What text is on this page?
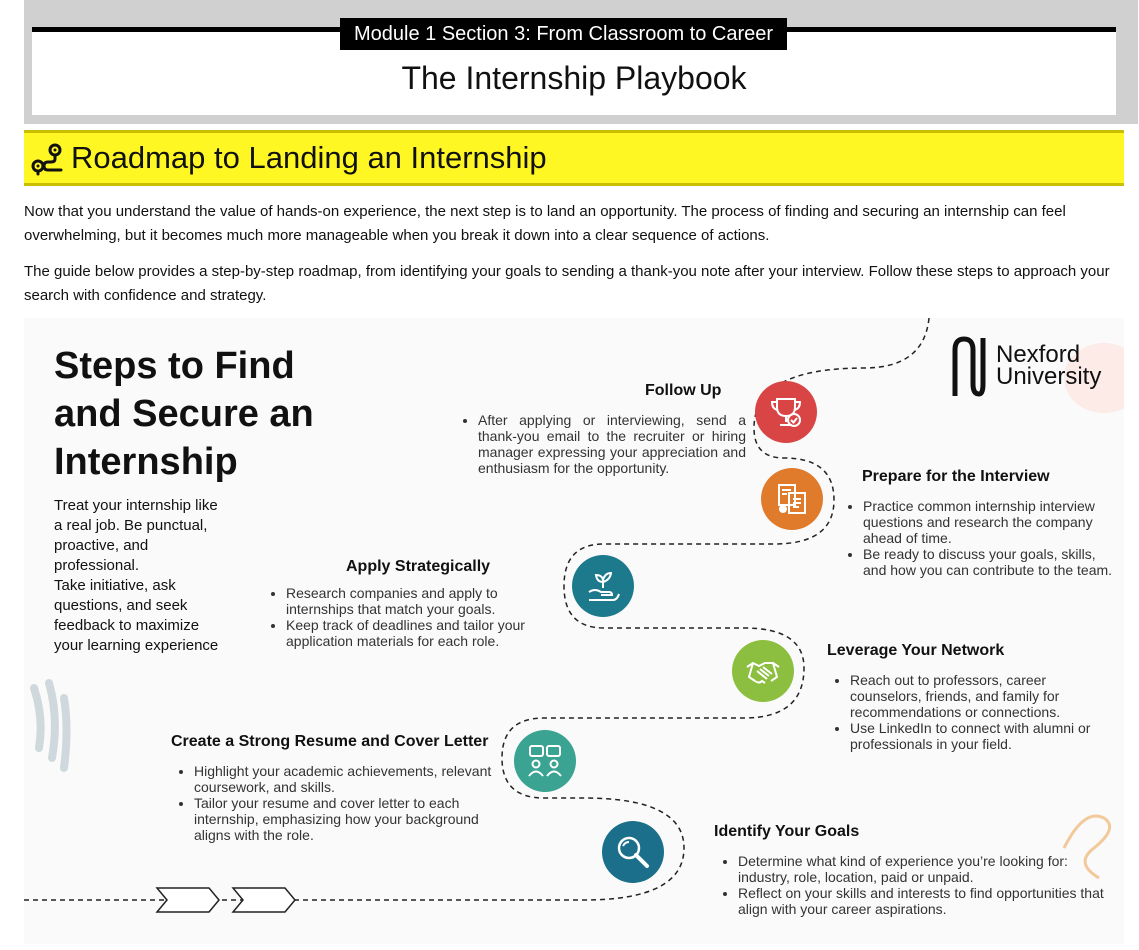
Module 1 Section 3: From Classroom to Career
The Internship Playbook
Roadmap to Landing an Internship
Now that you understand the value of hands-on experience, the next step is to land an opportunity. The process of finding and securing an internship can feel overwhelming, but it becomes much more manageable when you break it down into a clear sequence of actions.
The guide below provides a step-by-step roadmap, from identifying your goals to sending a thank-you note after your interview. Follow these steps to approach your search with confidence and strategy.
Steps to Find
and Secure an
Internship
Treat your internship like
a real job. Be punctual,
proactive, and
professional.
Take initiative, ask
questions, and seek
feedback to maximize
your learning experience
Nexford
University
Follow Up
• After applying or interviewing, send a thank-you email to the recruiter or hiring manager expressing your appreciation and enthusiasm for the opportunity.	Prepare for the Interview
• Practice common internship interview questions and research the company ahead of time.
• Be ready to discuss your goals, skills, and how you can contribute to the team.
Apply Strategically
• Research companies and apply to internships that match your goals.
• Keep track of deadlines and tailor your application materials for each role.
Leverage Your Network
• Reach out to professors, career counselors, friends, and family for recommendations or connections.
• Use LinkedIn to connect with alumni or professionals in your field.
Create a Strong Resume and Cover Letter
• Highlight your academic achievements, relevant coursework, and skills.
• Tailor your resume and cover letter to each internship, emphasizing how your background aligns with the role.	Identify Your Goals
• Determine what kind of experience you’re looking for: industry, role, location, paid or unpaid.
• Reflect on your skills and interests to find opportunities that align with your career aspirations.
